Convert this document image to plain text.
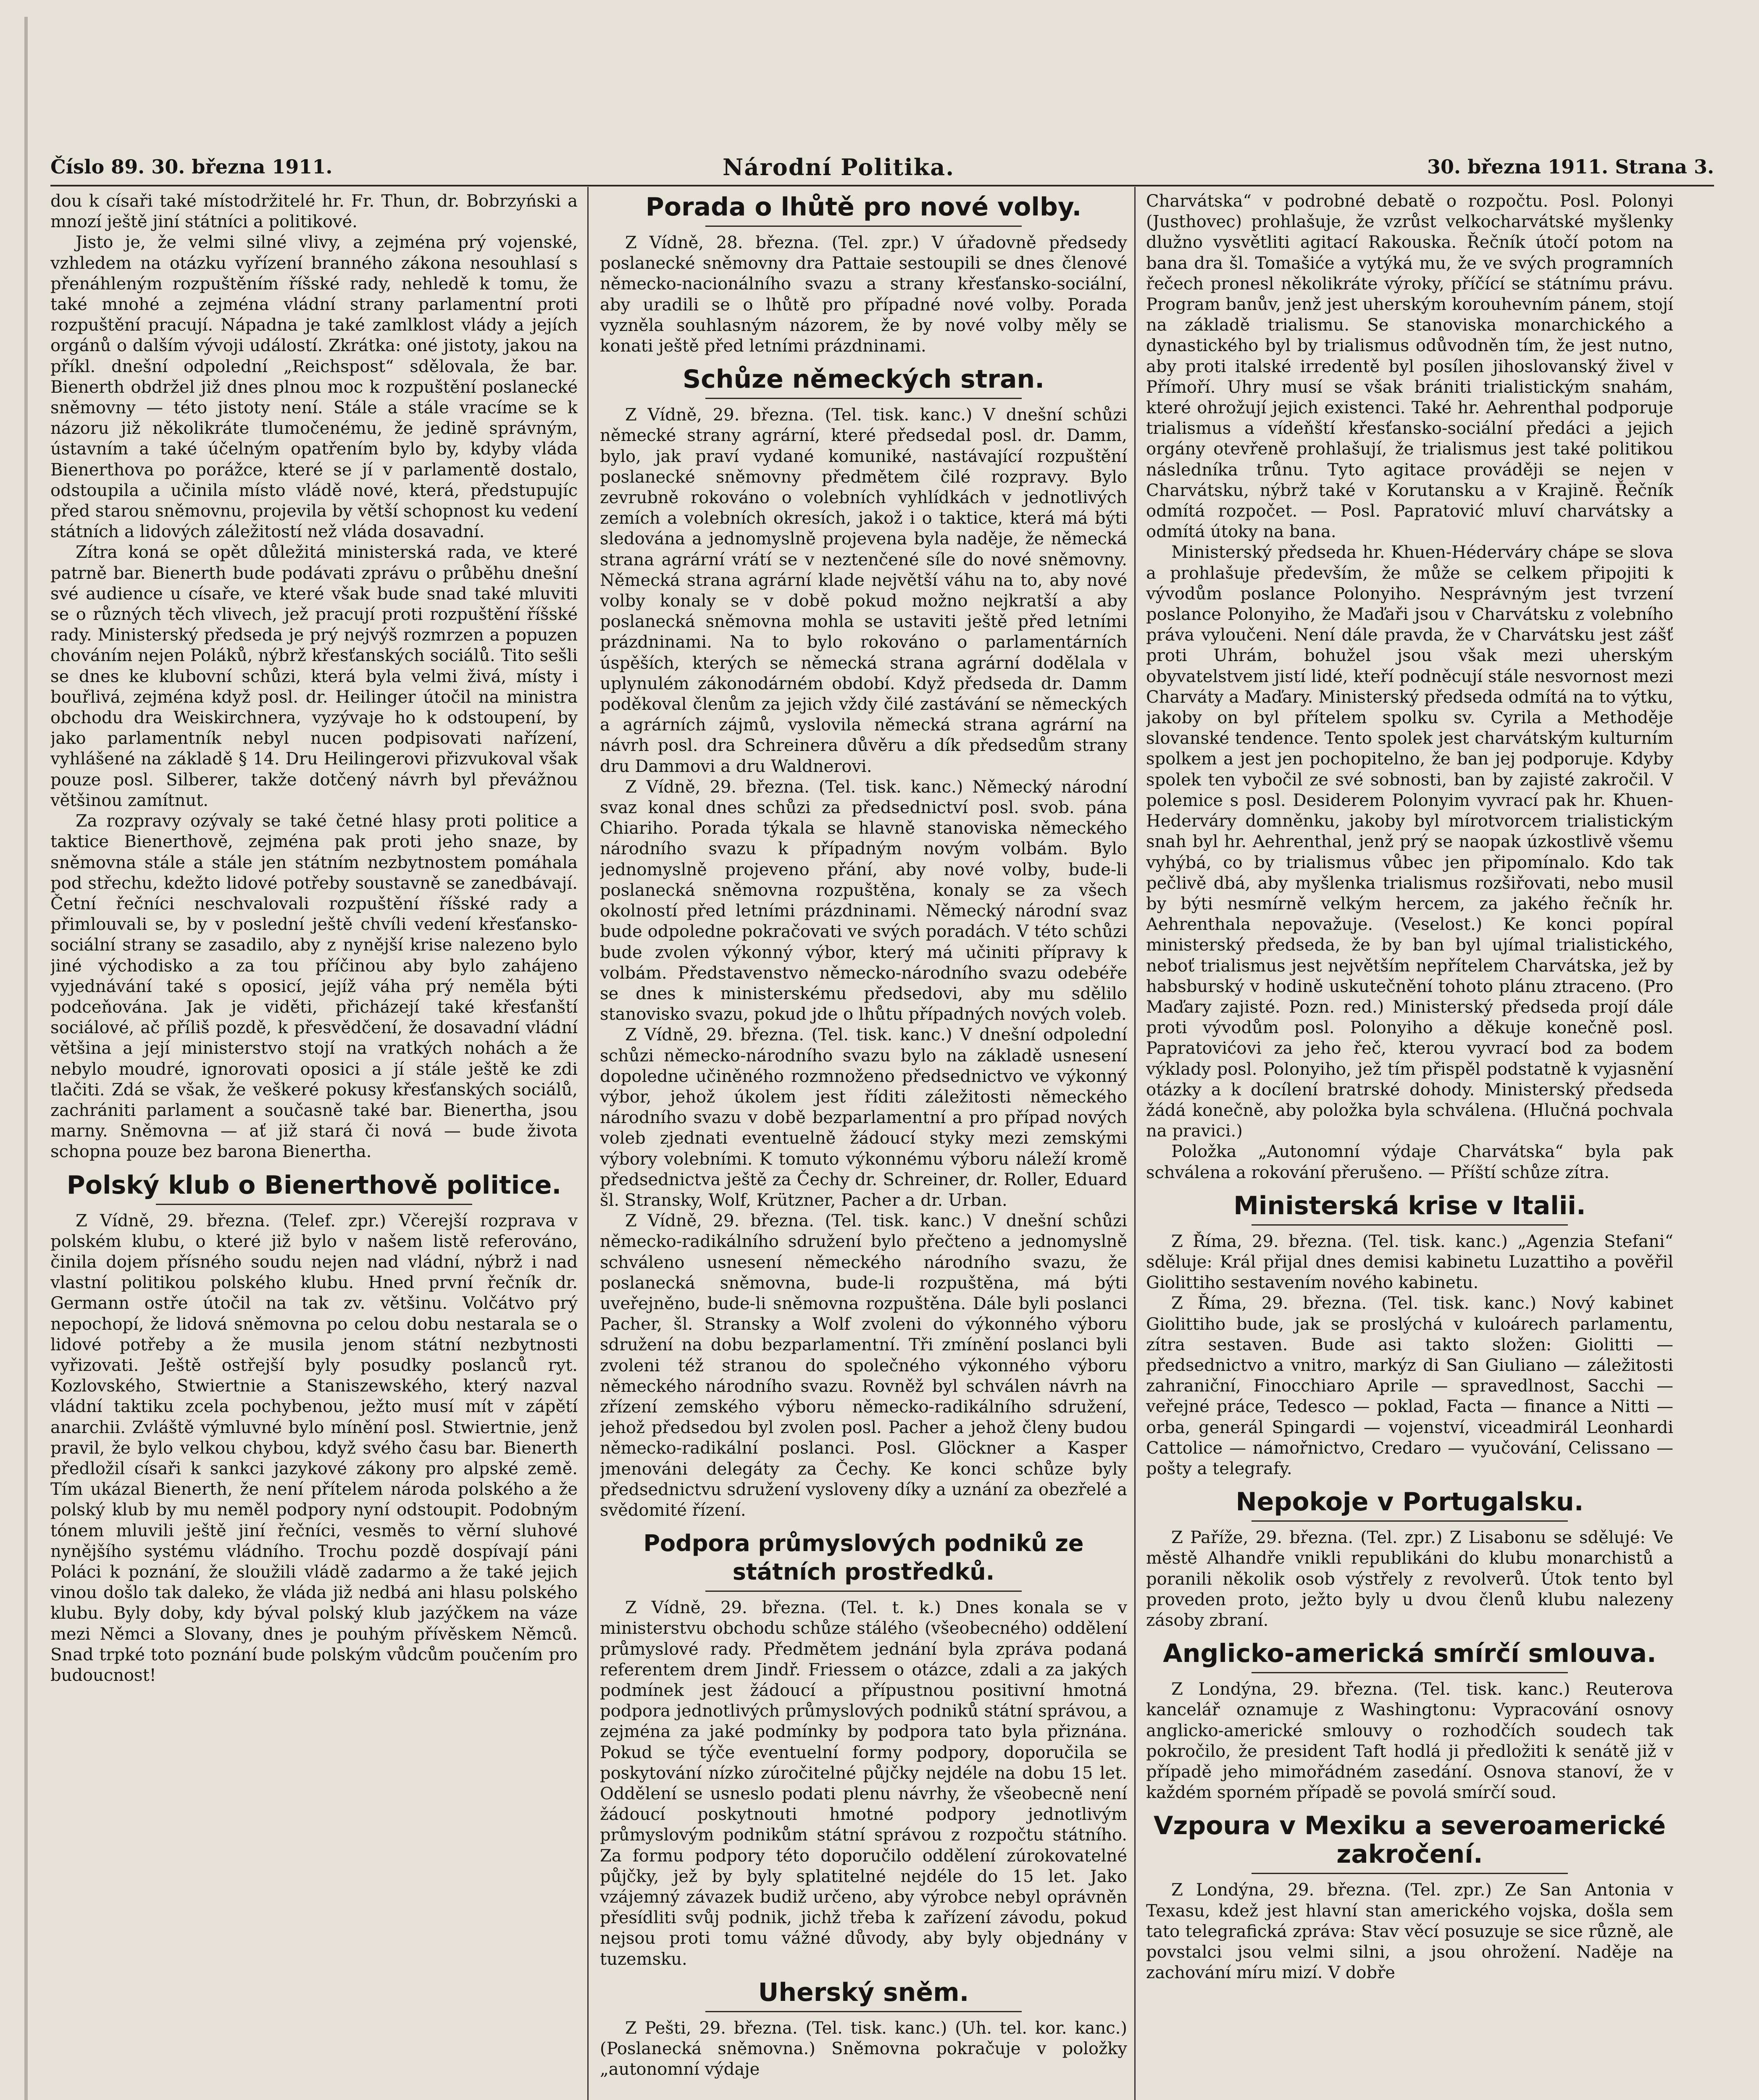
Číslo 89. 30. března 1911.	Národní Politika.	30. března 1911. Strana 3.

dou k císaři také místodržitelé hr. Fr. Thun, dr. Bobrzyński a mnozí ještě jiní státníci a politikové.

Jisto je, že velmi silné vlivy, a zejména prý vojenské, vzhledem na otázku vyřízení branného zákona nesouhlasí s přenáhleným rozpuštěním říšské rady, nehledě k tomu, že také mnohé a zejména vládní strany parlamentní proti rozpuštění pracují. Nápadna je také zamlklost vlády a jejích orgánů o dalším vývoji událostí. Zkrátka: oné jistoty, jakou na příkl. dnešní odpolední „Reichspost“ sdělovala, že bar. Bienerth obdržel již dnes plnou moc k rozpuštění poslanecké sněmovny — této jistoty není. Stále a stále vracíme se k názoru již několikráte tlumočenému, že jedině správným, ústavním a také účelným opatřením bylo by, kdyby vláda Bienerthova po porážce, které se jí v parlamentě dostalo, odstoupila a učinila místo vládě nové, která, předstupujíc před starou sněmovnu, projevila by větší schopnost ku vedení státních a lidových záležitostí než vláda dosavadní.

Zítra koná se opět důležitá ministerská rada, ve které patrně bar. Bienerth bude podávati zprávu o průběhu dnešní své audience u císaře, ve které však bude snad také mluviti se o různých těch vlivech, jež pracují proti rozpuštění říšské rady. Ministerský předseda je prý nejvýš rozmrzen a popuzen chováním nejen Poláků, nýbrž křesťanských sociálů. Tito sešli se dnes ke klubovní schůzi, která byla velmi živá, místy i bouřlivá, zejména když posl. dr. Heilinger útočil na ministra obchodu dra Weiskirchnera, vyzývaje ho k odstoupení, by jako parlamentník nebyl nucen podpisovati nařízení, vyhlášené na základě § 14. Dru Heilingerovi přizvukoval však pouze posl. Silberer, takže dotčený návrh byl převážnou většinou zamítnut.

Za rozpravy ozývaly se také četné hlasy proti politice a taktice Bienerthově, zejména pak proti jeho snaze, by sněmovna stále a stále jen státním nezbytnostem pomáhala pod střechu, kdežto lidové potřeby soustavně se zanedbávají. Četní řečníci neschvalovali rozpuštění říšské rady a přimlouvali se, by v poslední ještě chvíli vedení křesťansko-sociální strany se zasadilo, aby z nynější krise nalezeno bylo jiné východisko a za tou příčinou aby bylo zahájeno vyjednávání také s oposicí, jejíž váha prý neměla býti podceňována. Jak je viděti, přicházejí také křesťanští sociálové, ač příliš pozdě, k přesvědčení, že dosavadní vládní většina a její ministerstvo stojí na vratkých nohách a že nebylo moudré, ignorovati oposici a jí stále ještě ke zdi tlačiti. Zdá se však, že veškeré pokusy křesťanských sociálů, zachrániti parlament a současně také bar. Bienertha, jsou marny. Sněmovna — ať již stará či nová — bude života schopna pouze bez barona Bienertha.

Polský klub o Bienerthově politice.

Z Vídně, 29. března. (Telef. zpr.) Včerejší rozprava v polském klubu, o které již bylo v našem listě referováno, činila dojem přísného soudu nejen nad vládní, nýbrž i nad vlastní politikou polského klubu. Hned první řečník dr. Germann ostře útočil na tak zv. většinu. Volčátvo prý nepochopí, že lidová sněmovna po celou dobu nestarala se o lidové potřeby a že musila jenom státní nezbytnosti vyřizovati. Ještě ostřejší byly posudky poslanců ryt. Kozlovského, Stwiertnie a Staniszewského, který nazval vládní taktiku zcela pochybenou, ježto musí mít v zápětí anarchii. Zvláště výmluvné bylo mínění posl. Stwiertnie, jenž pravil, že bylo velkou chybou, když svého času bar. Bienerth předložil císaři k sankci jazykové zákony pro alpské země. Tím ukázal Bienerth, že není přítelem národa polského a že polský klub by mu neměl podpory nyní odstoupit. Podobným tónem mluvili ještě jiní řečníci, vesměs to věrní sluhové nynějšího systému vládního. Trochu pozdě dospívají páni Poláci k poznání, že sloužili vládě zadarmo a že také jejich vinou došlo tak daleko, že vláda již nedbá ani hlasu polského klubu. Byly doby, kdy býval polský klub jazýčkem na váze mezi Němci a Slovany, dnes je pouhým přívěskem Němců. Snad trpké toto poznání bude polským vůdcům poučením pro budoucnost!

Porada o lhůtě pro nové volby.

Z Vídně, 28. března. (Tel. zpr.) V úřadovně předsedy poslanecké sněmovny dra Pattaie sestoupili se dnes členové německo-nacionálního svazu a strany křesťansko-sociální, aby uradili se o lhůtě pro případné nové volby. Porada vyzněla souhlasným názorem, že by nové volby měly se konati ještě před letními prázdninami.

Schůze německých stran.

Z Vídně, 29. března. (Tel. tisk. kanc.) V dnešní schůzi německé strany agrární, které předsedal posl. dr. Damm, bylo, jak praví vydané komuniké, nastávající rozpuštění poslanecké sněmovny předmětem čilé rozpravy. Bylo zevrubně rokováno o volebních vyhlídkách v jednotlivých zemích a volebních okresích, jakož i o taktice, která má býti sledována a jednomyslně projevena byla naděje, že německá strana agrární vrátí se v neztenčené síle do nové sněmovny. Německá strana agrární klade největší váhu na to, aby nové volby konaly se v době pokud možno nejkratší a aby poslanecká sněmovna mohla se ustaviti ještě před letními prázdninami. Na to bylo rokováno o parlamentárních úspěších, kterých se německá strana agrární dodělala v uplynulém zákonodárném období. Když předseda dr. Damm poděkoval členům za jejich vždy čilé zastávání se německých a agrárních zájmů, vyslovila německá strana agrární na návrh posl. dra Schreinera důvěru a dík předsedům strany dru Dammovi a dru Waldnerovi.

Z Vídně, 29. března. (Tel. tisk. kanc.) Německý národní svaz konal dnes schůzi za předsednictví posl. svob. pána Chiariho. Porada týkala se hlavně stanoviska německého národního svazu k případným novým volbám. Bylo jednomyslně projeveno přání, aby nové volby, bude-li poslanecká sněmovna rozpuštěna, konaly se za všech okolností před letními prázdninami. Německý národní svaz bude odpoledne pokračovati ve svých poradách. V této schůzi bude zvolen výkonný výbor, který má učiniti přípravy k volbám. Představenstvo německo-národního svazu odebéře se dnes k ministerskému předsedovi, aby mu sdělilo stanovisko svazu, pokud jde o lhůtu případných nových voleb.

Z Vídně, 29. března. (Tel. tisk. kanc.) V dnešní odpolední schůzi německo-národního svazu bylo na základě usnesení dopoledne učiněného rozmnoženo předsednictvo ve výkonný výbor, jehož úkolem jest říditi záležitosti německého národního svazu v době bezparlamentní a pro případ nových voleb zjednati eventuelně žádoucí styky mezi zemskými výbory volebními. K tomuto výkonnému výboru náleží kromě předsednictva ještě za Čechy dr. Schreiner, dr. Roller, Eduard šl. Stransky, Wolf, Krützner, Pacher a dr. Urban.

Z Vídně, 29. března. (Tel. tisk. kanc.) V dnešní schůzi německo-radikálního sdružení bylo přečteno a jednomyslně schváleno usnesení německého národního svazu, že poslanecká sněmovna, bude-li rozpuštěna, má býti uveřejněno, bude-li sněmovna rozpuštěna. Dále byli poslanci Pacher, šl. Stransky a Wolf zvoleni do výkonného výboru sdružení na dobu bezparlamentní. Tři zmínění poslanci byli zvoleni též stranou do společného výkonného výboru německého národního svazu. Rovněž byl schválen návrh na zřízení zemského výboru německo-radikálního sdružení, jehož předsedou byl zvolen posl. Pacher a jehož členy budou německo-radikální poslanci. Posl. Glöckner a Kasper jmenováni delegáty za Čechy. Ke konci schůze byly předsednictvu sdružení vysloveny díky a uznání za obezřelé a svědomité řízení.

Podpora průmyslových podniků ze státních prostředků.

Z Vídně, 29. března. (Tel. t. k.) Dnes konala se v ministerstvu obchodu schůze stálého (všeobecného) oddělení průmyslové rady. Předmětem jednání byla zpráva podaná referentem drem Jindř. Friessem o otázce, zdali a za jakých podmínek jest žádoucí a přípustnou positivní hmotná podpora jednotlivých průmyslových podniků státní správou, a zejména za jaké podmínky by podpora tato byla přiznána. Pokud se týče eventuelní formy podpory, doporučila se poskytování nízko zúročitelné půjčky nejdéle na dobu 15 let. Oddělení se usneslo podati plenu návrhy, že všeobecně není žádoucí poskytnouti hmotné podpory jednotlivým průmyslovým podnikům státní správou z rozpočtu státního. Za formu podpory této doporučilo oddělení zúrokovatelné půjčky, jež by byly splatitelné nejdéle do 15 let. Jako vzájemný závazek budiž určeno, aby výrobce nebyl oprávněn přesídliti svůj podnik, jichž třeba k zařízení závodu, pokud nejsou proti tomu vážné důvody, aby byly objednány v tuzemsku.

Uherský sněm.

Z Pešti, 29. března. (Tel. tisk. kanc.) (Uh. tel. kor. kanc.) (Poslanecká sněmovna.) Sněmovna pokračuje v položky „autonomní výdaje

Charvátska“ v podrobné debatě o rozpočtu. Posl. Polonyi (Justhovec) prohlašuje, že vzrůst velkocharvátské myšlenky dlužno vysvětliti agitací Rakouska. Řečník útočí potom na bana dra šl. Tomašiće a vytýká mu, že ve svých programních řečech pronesl několikráte výroky, příčící se státnímu právu. Program banův, jenž jest uherským korouhevním pánem, stojí na základě trialismu. Se stanoviska monarchického a dynastického byl by trialismus odůvodněn tím, že jest nutno, aby proti italské irredentě byl posílen jihoslovanský živel v Přímoří. Uhry musí se však brániti trialistickým snahám, které ohrožují jejich existenci. Také hr. Aehrenthal podporuje trialismus a vídeňští křesťansko-sociální předáci a jejich orgány otevřeně prohlašují, že trialismus jest také politikou následníka trůnu. Tyto agitace prováději se nejen v Charvátsku, nýbrž také v Korutansku a v Krajině. Řečník odmítá rozpočet. — Posl. Papratović mluví charvátsky a odmítá útoky na bana.

Ministerský předseda hr. Khuen-Héderváry chápe se slova a prohlašuje především, že může se celkem připojiti k vývodům poslance Polonyiho. Nesprávným jest tvrzení poslance Polonyiho, že Maďaři jsou v Charvátsku z volebního práva vyloučeni. Není dále pravda, že v Charvátsku jest zášť proti Uhrám, bohužel jsou však mezi uherským obyvatelstvem jistí lidé, kteří podněcují stále nesvornost mezi Charváty a Maďary. Ministerský předseda odmítá na to výtku, jakoby on byl přítelem spolku sv. Cyrila a Methoděje slovanské tendence. Tento spolek jest charvátským kulturním spolkem a jest jen pochopitelno, že ban jej podporuje. Kdyby spolek ten vybočil ze své sobnosti, ban by zajisté zakročil. V polemice s posl. Desiderem Polonyim vyvrací pak hr. Khuen-Hederváry domněnku, jakoby byl mírotvorcem trialistickým snah byl hr. Aehrenthal, jenž prý se naopak úzkostlivě všemu vyhýbá, co by trialismus vůbec jen připomínalo. Kdo tak pečlivě dbá, aby myšlenka trialismus rozšiřovati, nebo musil by býti nesmírně velkým hercem, za jakého řečník hr. Aehrenthala nepovažuje. (Veselost.) Ke konci popíral ministerský předseda, že by ban byl ujímal trialistického, neboť trialismus jest největším nepřítelem Charvátska, jež by habsburský v hodině uskutečnění tohoto plánu ztraceno. (Pro Maďary zajisté. Pozn. red.) Ministerský předseda projí dále proti vývodům posl. Polonyiho a děkuje konečně posl. Papratovićovi za jeho řeč, kterou vyvrací bod za bodem výklady posl. Polonyiho, jež tím přispěl podstatně k vyjasnění otázky a k docílení bratrské dohody. Ministerský předseda žádá konečně, aby položka byla schválena. (Hlučná pochvala na pravici.)

Položka „Autonomní výdaje Charvátska“ byla pak schválena a rokování přerušeno. — Příští schůze zítra.

Ministerská krise v Italii.

Z Říma, 29. března. (Tel. tisk. kanc.) „Agenzia Stefani“ sděluje: Král přijal dnes demisi kabinetu Luzattiho a pověřil Giolittiho sestavením nového kabinetu.

Z Říma, 29. března. (Tel. tisk. kanc.) Nový kabinet Giolittiho bude, jak se proslýchá v kuloárech parlamentu, zítra sestaven. Bude asi takto složen: Giolitti — předsednictvo a vnitro, markýz di San Giuliano — záležitosti zahraniční, Finocchiaro Aprile — spravedlnost, Sacchi — veřejné práce, Tedesco — poklad, Facta — finance a Nitti — orba, generál Spingardi — vojenství, viceadmirál Leonhardi Cattolice — námořnictvo, Credaro — vyučování, Celissano — pošty a telegrafy.

Nepokoje v Portugalsku.

Z Paříže, 29. března. (Tel. zpr.) Z Lisabonu se sdělujé: Ve městě Alhandře vnikli republikáni do klubu monarchistů a poranili několik osob výstřely z revolverů. Útok tento byl proveden proto, ježto byly u dvou členů klubu nalezeny zásoby zbraní.

Anglicko-americká smírčí smlouva.

Z Londýna, 29. března. (Tel. tisk. kanc.) Reuterova kancelář oznamuje z Washingtonu: Vypracování osnovy anglicko-americké smlouvy o rozhodčích soudech tak pokročilo, že president Taft hodlá ji předložiti k senátě již v případě jeho mimořádném zasedání. Osnova stanoví, že v každém sporném případě se povolá smírčí soud.

Vzpoura v Mexiku a severoamerické zakročení.

Z Londýna, 29. března. (Tel. zpr.) Ze San Antonia v Texasu, kdež jest hlavní stan amerického vojska, došla sem tato telegrafická zpráva: Stav věcí posuzuje se sice různě, ale povstalci jsou velmi silni, a jsou ohrožení. Naděje na zachování míru mizí. V dobře
